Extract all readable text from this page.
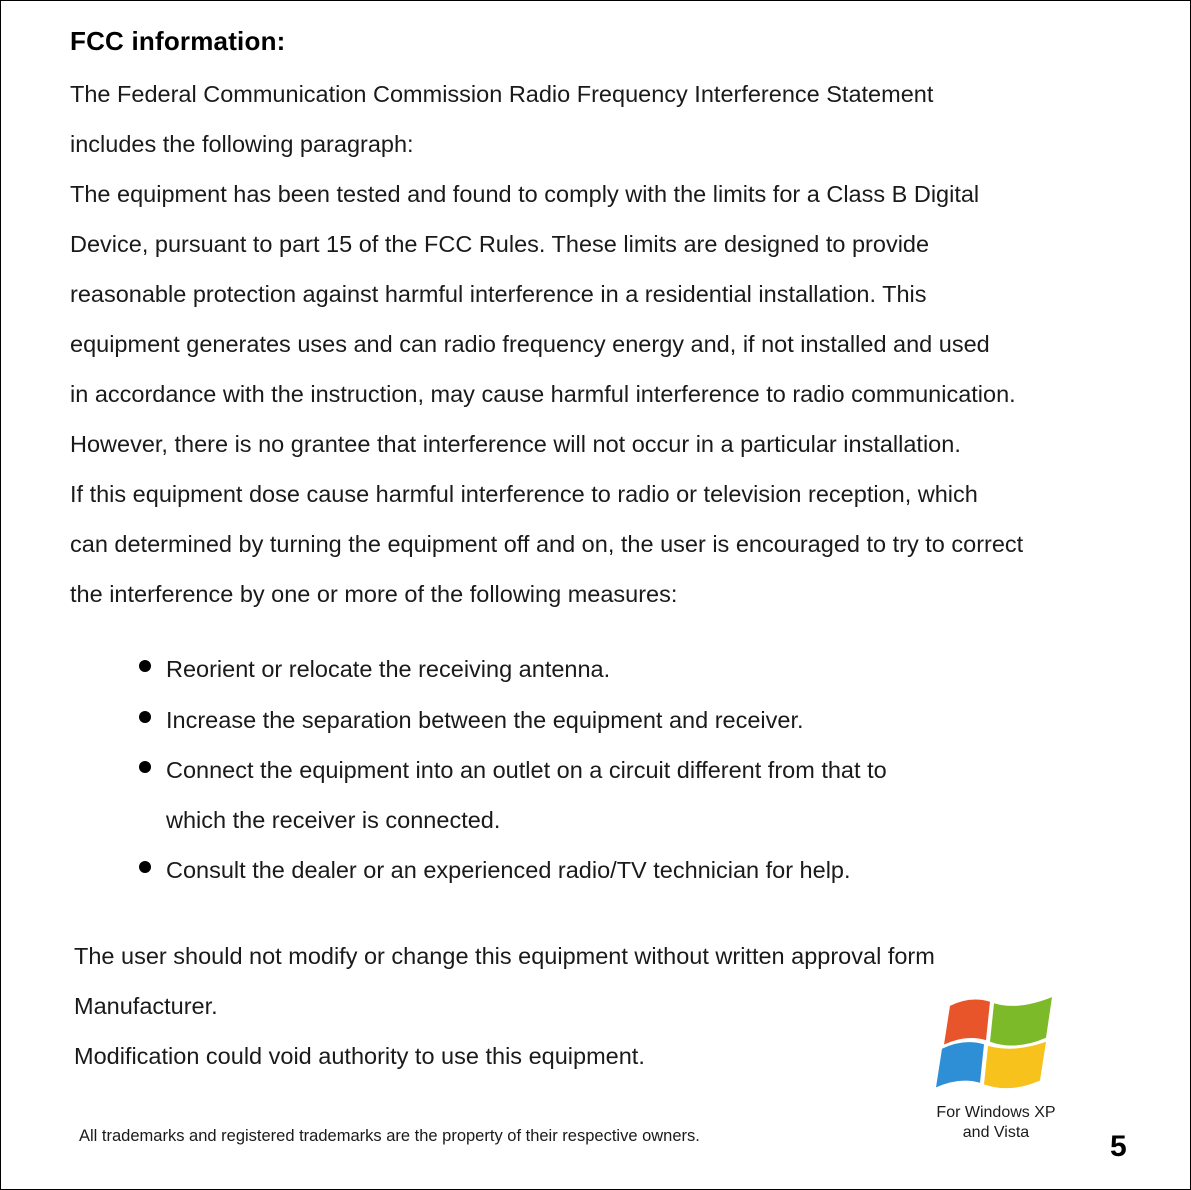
FCC information:
The Federal Communication Commission Radio Frequency Interference Statement
includes the following paragraph:
The equipment has been tested and found to comply with the limits for a Class B Digital
Device, pursuant to part 15 of the FCC Rules. These limits are designed to provide
reasonable protection against harmful interference in a residential installation. This
equipment generates uses and can radio frequency energy and, if not installed and used
in accordance with the instruction, may cause harmful interference to radio communication.
However, there is no grantee that interference will not occur in a particular installation.
If this equipment dose cause harmful interference to radio or television reception, which
can determined by turning the equipment off and on, the user is encouraged to try to correct
the interference by one or more of the following measures:
Reorient or relocate the receiving antenna.
Increase the separation between the equipment and receiver.
Connect the equipment into an outlet on a circuit different from that to
which the receiver is connected.
Consult the dealer or an experienced radio/TV technician for help.
The user should not modify or change this equipment without written approval form
Manufacturer.
Modification could void authority to use this equipment.
All trademarks and registered trademarks are the property of their respective owners.
For Windows XP
and Vista	5
